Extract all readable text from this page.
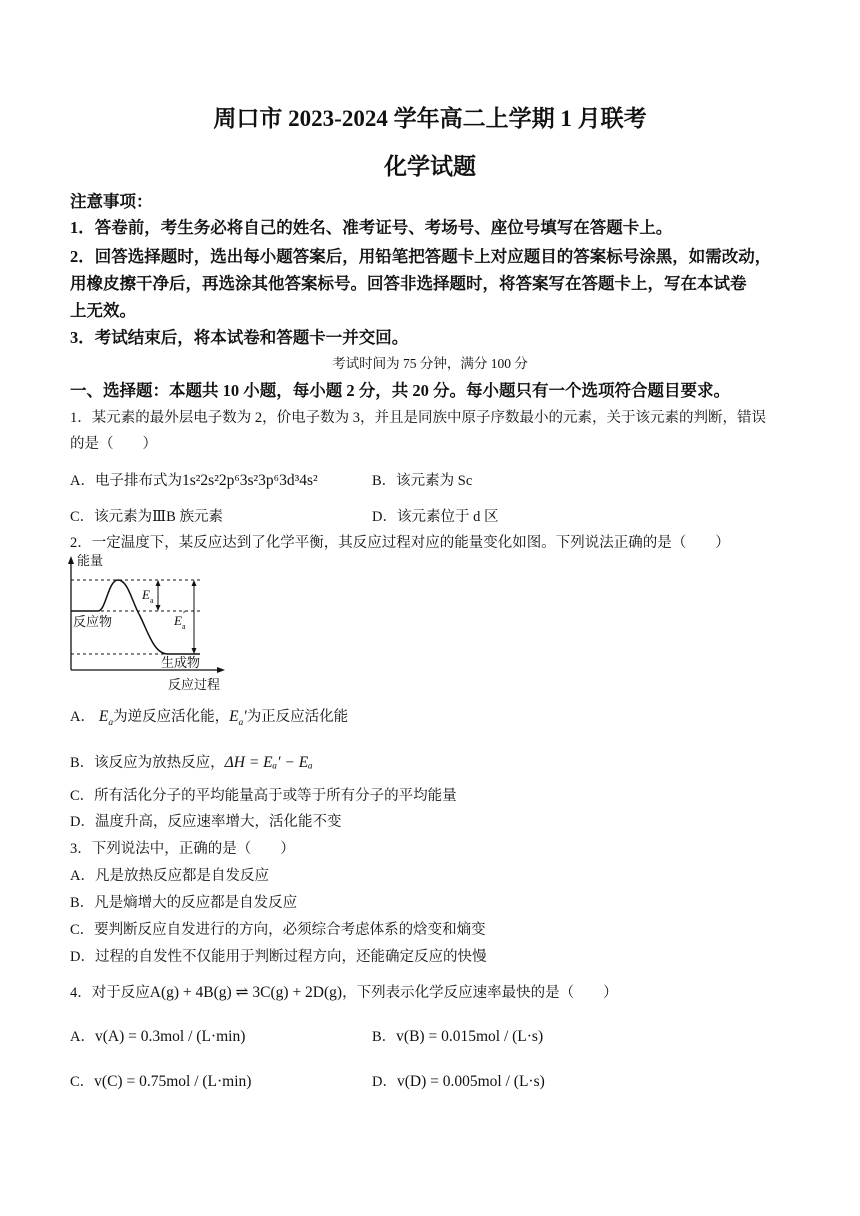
周口市 2023-2024 学年高二上学期 1 月联考
化学试题
注意事项：
1．答卷前，考生务必将自己的姓名、准考证号、考场号、座位号填写在答题卡上。
2．回答选择题时，选出每小题答案后，用铅笔把答题卡上对应题目的答案标号涂黑，如需改动，
用橡皮擦干净后，再选涂其他答案标号。回答非选择题时，将答案写在答题卡上，写在本试卷
上无效。
3．考试结束后，将本试卷和答题卡一并交回。
考试时间为 75 分钟，满分 100 分
一、选择题：本题共 10 小题，每小题 2 分，共 20 分。每小题只有一个选项符合题目要求。
1．某元素的最外层电子数为 2，价电子数为 3，并且是同族中原子序数最小的元素，关于该元素的判断，错误
的是（　　）
A．电子排布式为1s²2s²2p⁶3s²3p⁶3d³4s²	B．该元素为 Sc
C．该元素为ⅢB 族元素	D．该元素位于 d 区
2．一定温度下，某反应达到了化学平衡，其反应过程对应的能量变化如图。下列说法正确的是（　　）
能量
反应物
生成物
反应过程
E a
E a
′
A． $E_a$为逆反应活化能，$E_a'$为正反应活化能
B．该反应为放热反应，ΔH = Eₐ′ − Eₐ
C．所有活化分子的平均能量高于或等于所有分子的平均能量
D．温度升高，反应速率增大，活化能不变
3．下列说法中，正确的是（　　）
A．凡是放热反应都是自发反应
B．凡是熵增大的反应都是自发反应
C．要判断反应自发进行的方向，必须综合考虑体系的焓变和熵变
D．过程的自发性不仅能用于判断过程方向，还能确定反应的快慢
4．对于反应A(g) + 4B(g) ⇌ 3C(g) + 2D(g)，下列表示化学反应速率最快的是（　　）
A．v(A) = 0.3mol / (L·min)	B．v(B) = 0.015mol / (L·s)
C．v(C) = 0.75mol / (L·min)	D．v(D) = 0.005mol / (L·s)
